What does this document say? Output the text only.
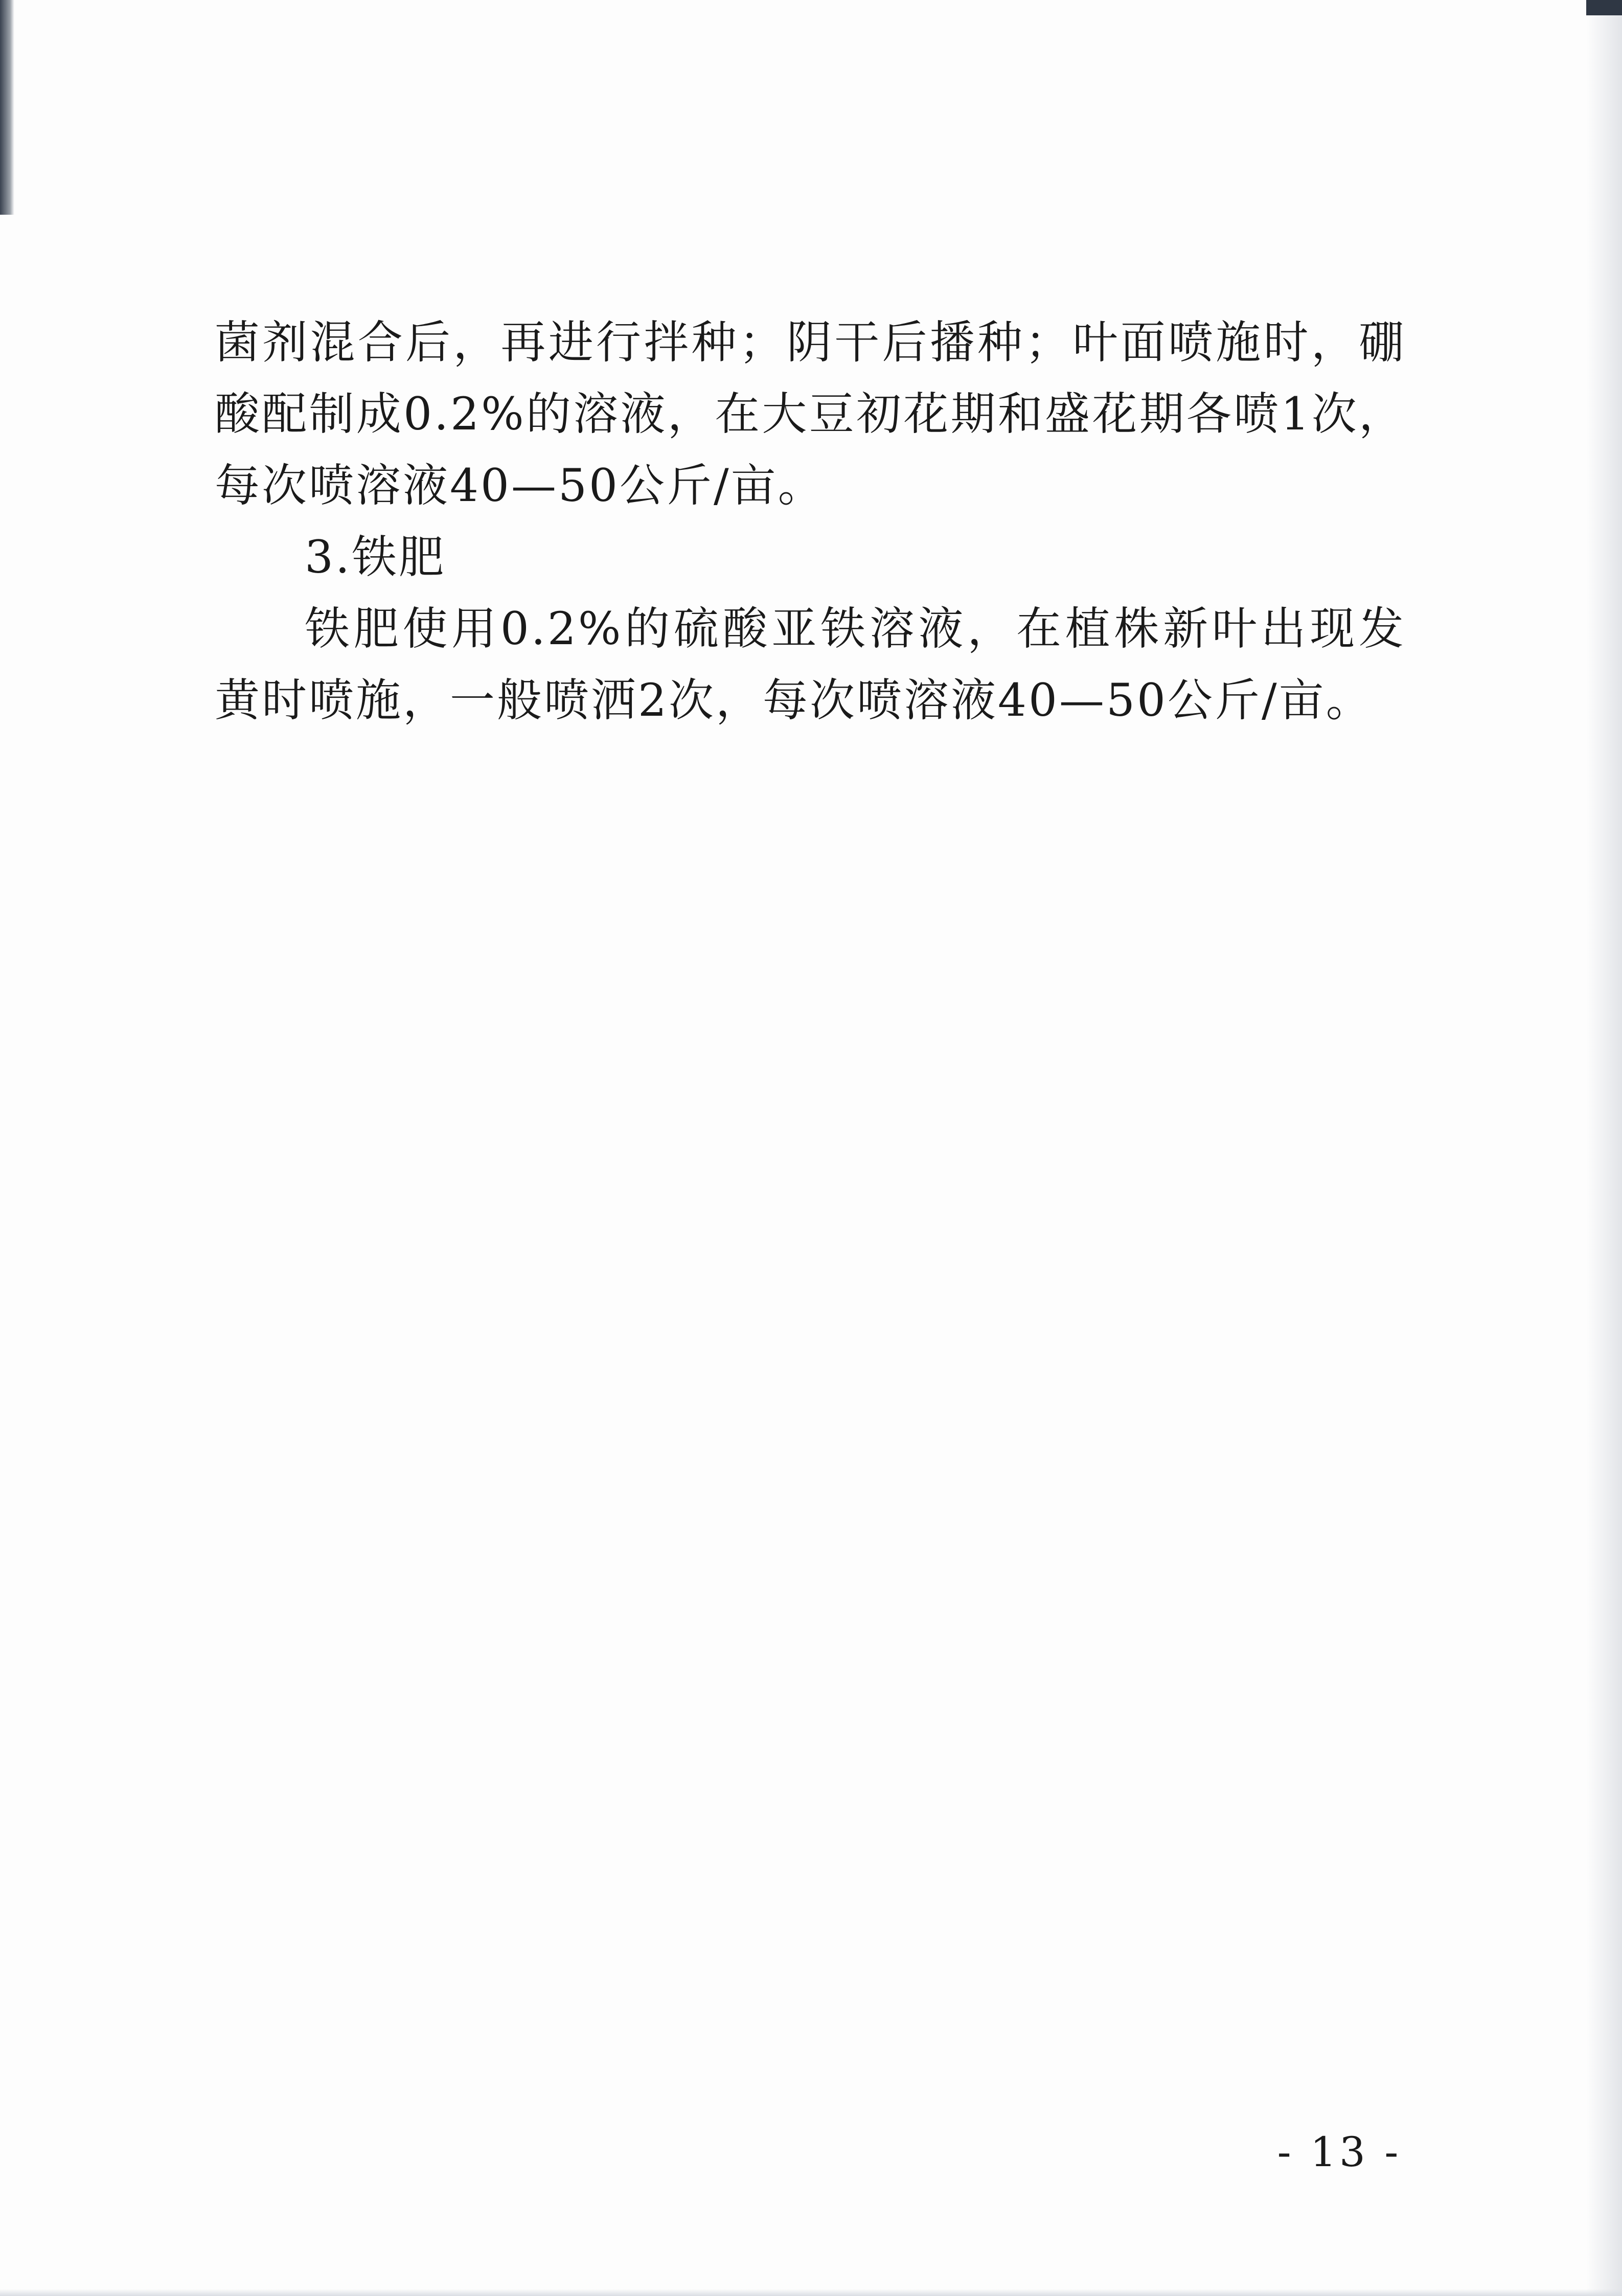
菌剂混合后，再进行拌种；阴干后播种；叶面喷施时，硼酸配制成0.2%的溶液，在大豆初花期和盛花期各喷1次，每次喷溶液40—50公斤/亩。

3.铁肥

铁肥使用0.2%的硫酸亚铁溶液，在植株新叶出现发黄时喷施，一般喷洒2次，每次喷溶液40—50公斤/亩。

- 13 -
